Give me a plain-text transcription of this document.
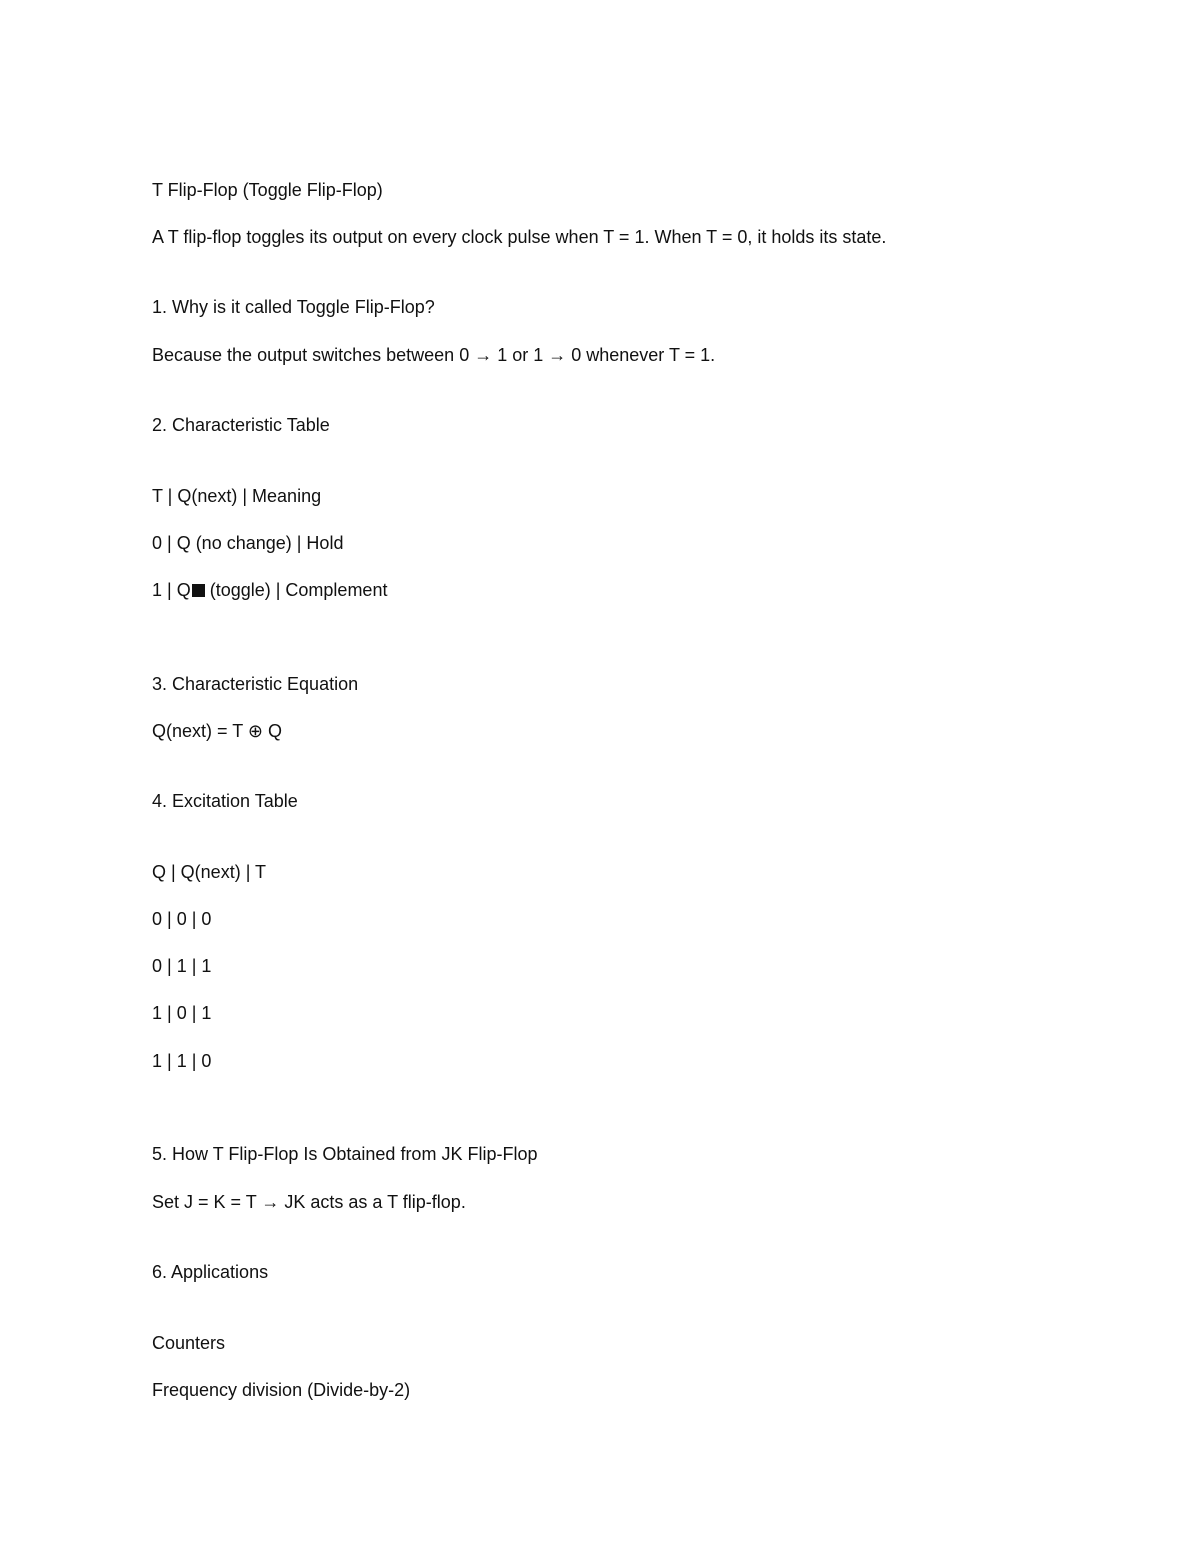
T Flip-Flop (Toggle Flip-Flop)
A T flip-flop toggles its output on every clock pulse when T = 1. When T = 0, it holds its state.
1. Why is it called Toggle Flip-Flop?
Because the output switches between 0 → 1 or 1 → 0 whenever T = 1.
2. Characteristic Table
T | Q(next) | Meaning
0 | Q (no change) | Hold
1 | Q (toggle) | Complement
3. Characteristic Equation
Q(next) = T ⊕ Q
4. Excitation Table
Q | Q(next) | T
0 | 0 | 0
0 | 1 | 1
1 | 0 | 1
1 | 1 | 0
5. How T Flip-Flop Is Obtained from JK Flip-Flop
Set J = K = T → JK acts as a T flip-flop.
6. Applications
Counters
Frequency division (Divide-by-2)
